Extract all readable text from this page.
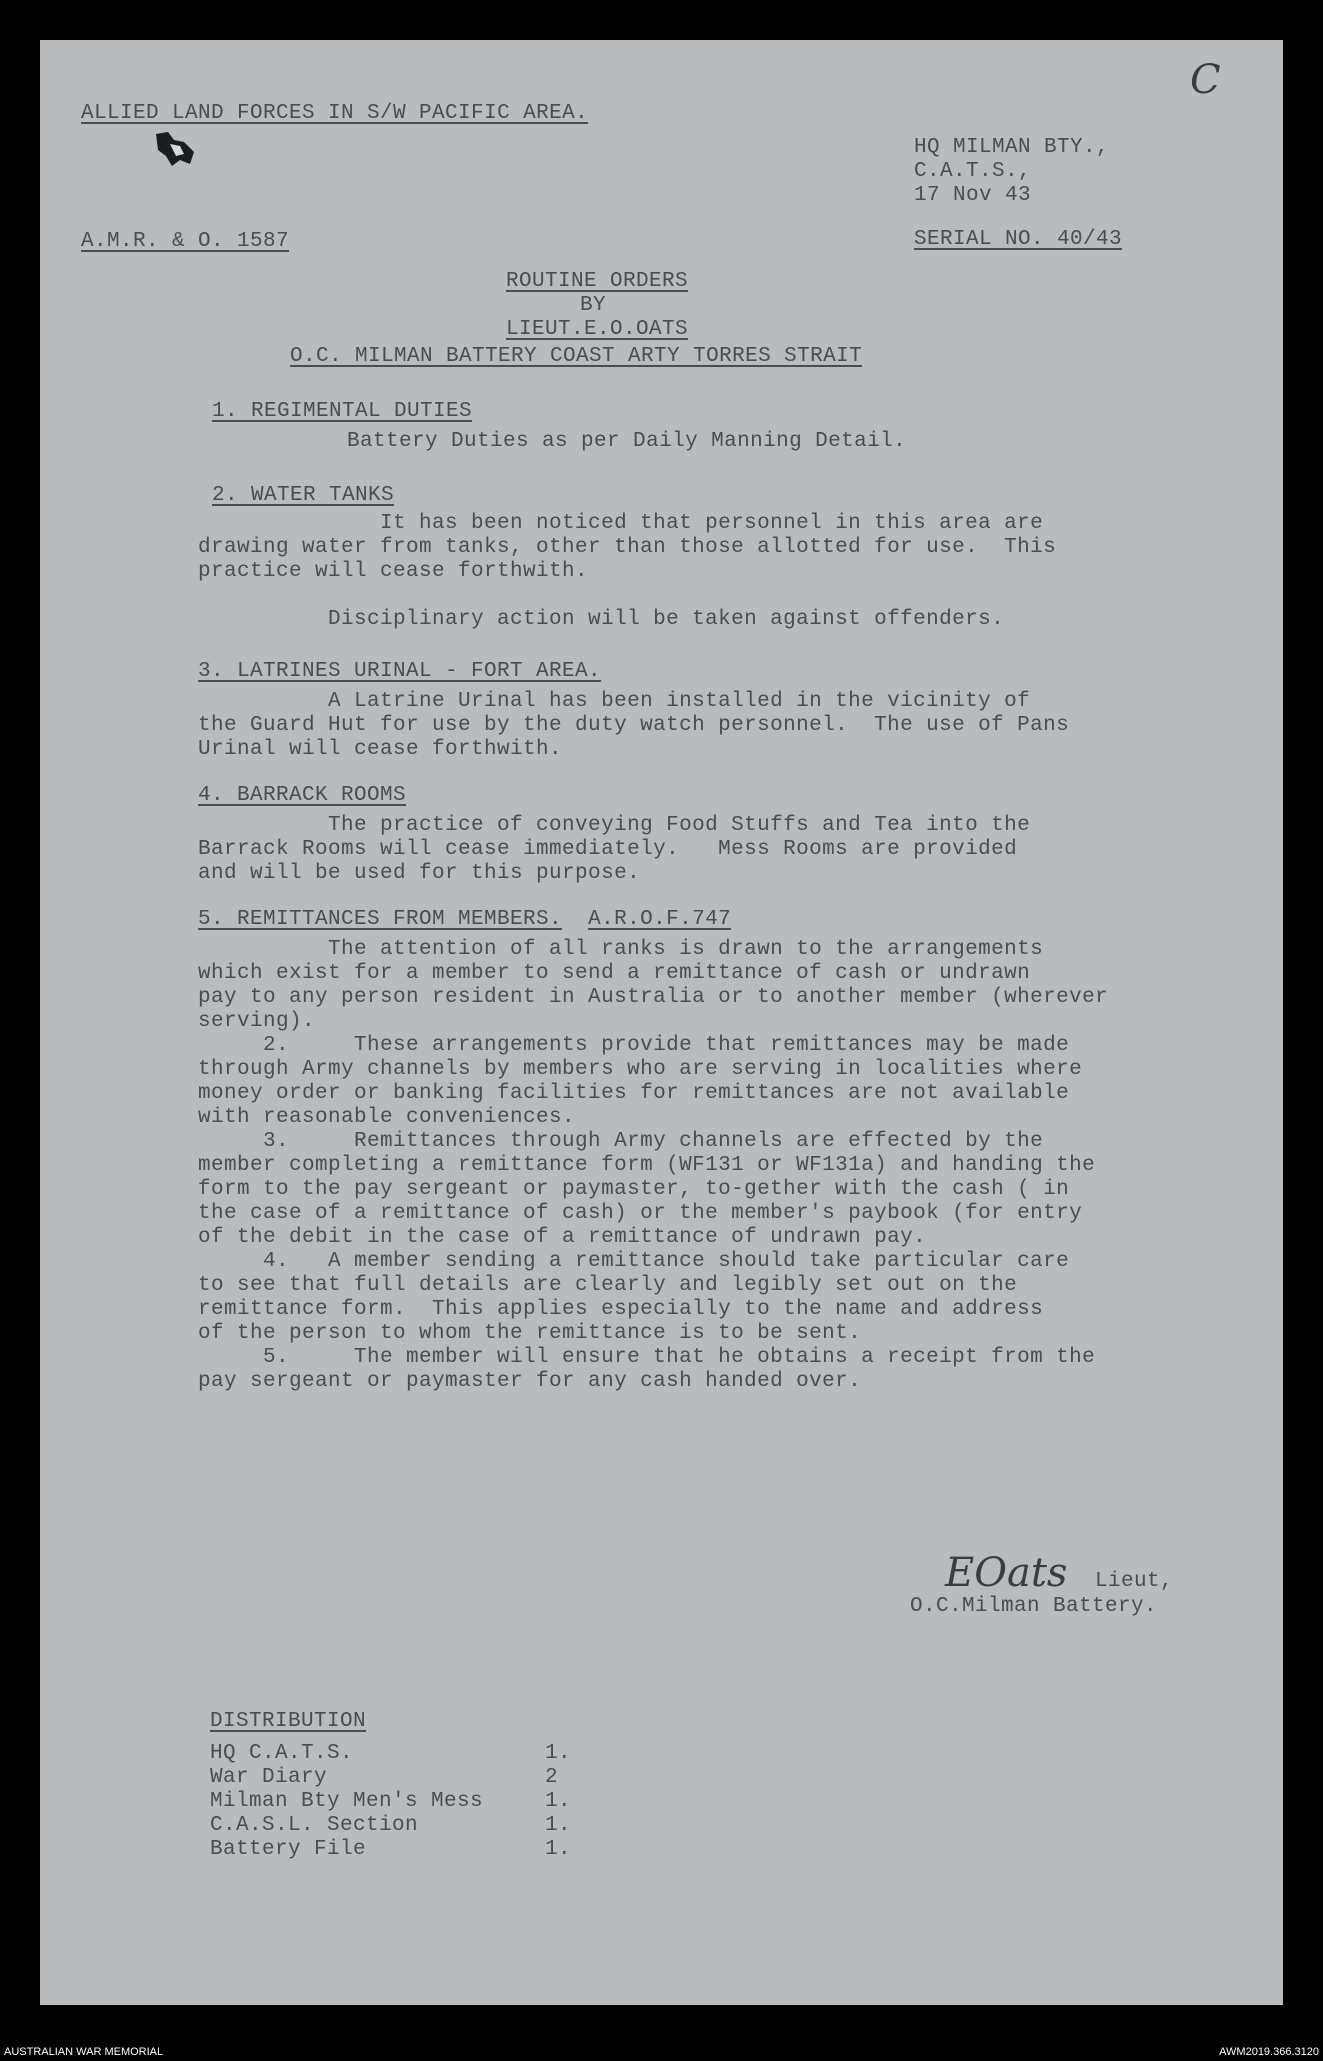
C

ALLIED LAND FORCES IN S/W PACIFIC AREA.

HQ MILMAN BTY.,

C.A.T.S.,

17 Nov 43

A.M.R. & O. 1587	SERIAL NO. 40/43

ROUTINE ORDERS

BY

LIEUT.E.O.OATS

O.C. MILMAN BATTERY COAST ARTY TORRES STRAIT

1. REGIMENTAL DUTIES

Battery Duties as per Daily Manning Detail.

2. WATER TANKS

It has been noticed that personnel in this area are
drawing water from tanks, other than those allotted for use.  This
practice will cease forthwith.

Disciplinary action will be taken against offenders.

3. LATRINES URINAL - FORT AREA.

A Latrine Urinal has been installed in the vicinity of
the Guard Hut for use by the duty watch personnel.  The use of Pans
Urinal will cease forthwith.

4. BARRACK ROOMS

The practice of conveying Food Stuffs and Tea into the
Barrack Rooms will cease immediately.   Mess Rooms are provided
and will be used for this purpose.

5. REMITTANCES FROM MEMBERS. A.R.O.F.747

The attention of all ranks is drawn to the arrangements
which exist for a member to send a remittance of cash or undrawn
pay to any person resident in Australia or to another member (wherever
serving).
2.     These arrangements provide that remittances may be made
through Army channels by members who are serving in localities where
money order or banking facilities for remittances are not available
with reasonable conveniences.
3.     Remittances through Army channels are effected by the
member completing a remittance form (WF131 or WF131a) and handing the
form to the pay sergeant or paymaster, to-gether with the cash ( in
the case of a remittance of cash) or the member's paybook (for entry
of the debit in the case of a remittance of undrawn pay.
4.   A member sending a remittance should take particular care
to see that full details are clearly and legibly set out on the
remittance form.  This applies especially to the name and address
of the person to whom the remittance is to be sent.
5.     The member will ensure that he obtains a receipt from the
pay sergeant or paymaster for any cash handed over.

EOats Lieut,

O.C.Milman Battery.

DISTRIBUTION

HQ C.A.T.S.	1.

War Diary	2

Milman Bty Men's Mess	1.

C.A.S.L. Section	1.

Battery File	1.

AUSTRALIAN WAR MEMORIAL	AWM2019.366.3120
